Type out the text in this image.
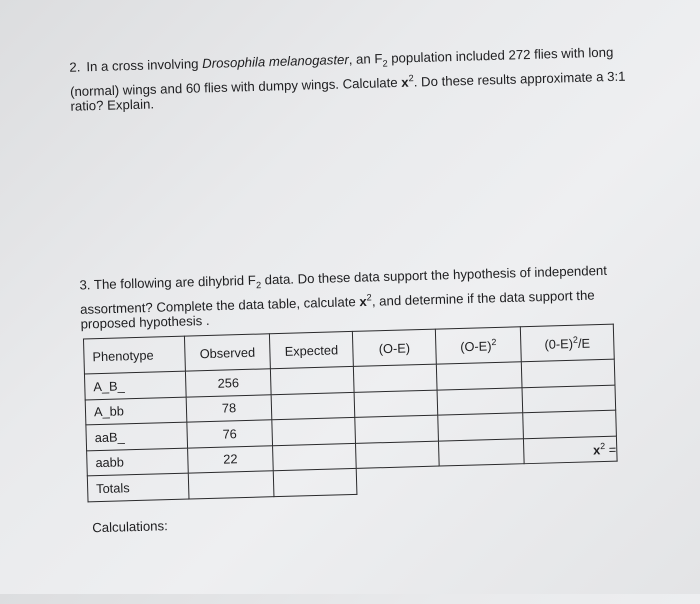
2. In a cross involving Drosophila melanogaster, an $F_2$ population included 272 flies with long (normal) wings and 60 flies with dumpy wings. Calculate $x^2$. Do these results approximate a 3:1 ratio? Explain.
3. The following are dihybrid $F_2$ data. Do these data support the hypothesis of independent assortment? Complete the data table, calculate $x^2$, and determine if the data support the proposed hypothesis .
Phenotype	Observed	Expected	(O-E)	$(O-E)^2$	$(0-E)^2/E$
A_B_	256				
A_bb	78				
aaB_	76				
aabb	22				$x^2$ =
Totals					
Calculations:
